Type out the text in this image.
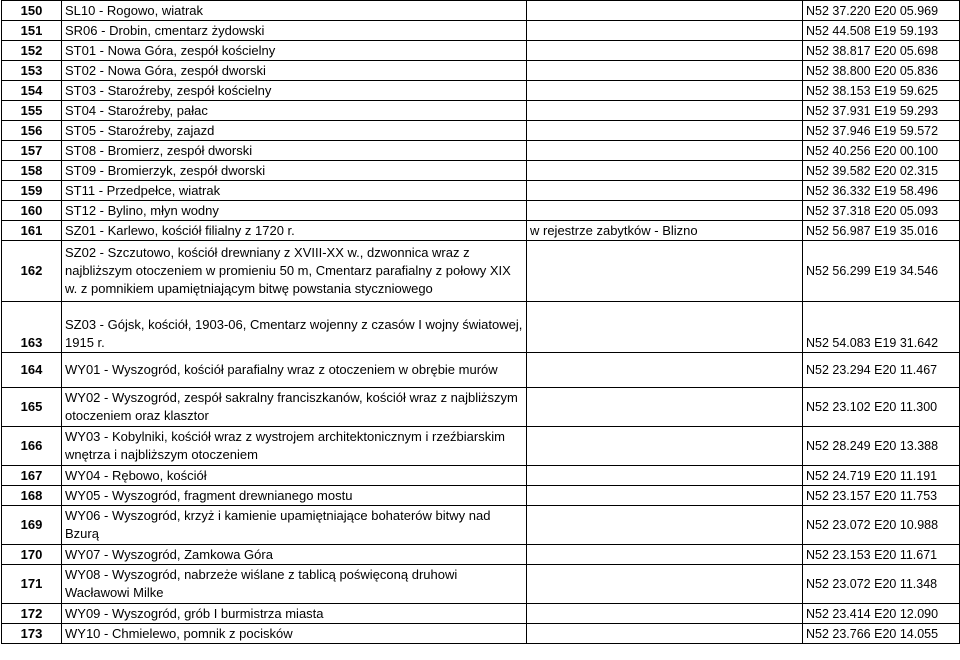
150	SL10 - Rogowo, wiatrak		N52 37.220 E20 05.969
151	SR06 - Drobin, cmentarz żydowski		N52 44.508 E19 59.193
152	ST01 - Nowa Góra, zespół kościelny		N52 38.817 E20 05.698
153	ST02 - Nowa Góra, zespół dworski		N52 38.800 E20 05.836
154	ST03 - Staroźreby, zespół kościelny		N52 38.153 E19 59.625
155	ST04 - Staroźreby, pałac		N52 37.931 E19 59.293
156	ST05 - Staroźreby, zajazd		N52 37.946 E19 59.572
157	ST08 - Bromierz, zespół dworski		N52 40.256 E20 00.100
158	ST09 - Bromierzyk, zespół dworski		N52 39.582 E20 02.315
159	ST11 - Przedpełce, wiatrak		N52 36.332 E19 58.496
160	ST12 - Bylino, młyn wodny		N52 37.318 E20 05.093
161	SZ01 - Karlewo, kościół filialny z 1720 r.	w rejestrze zabytków - Blizno	N52 56.987 E19 35.016
162	SZ02 - Szczutowo, kościół drewniany z XVIII-XX w., dzwonnica wraz z najbliższym otoczeniem w promieniu 50 m, Cmentarz parafialny z połowy XIX w. z pomnikiem upamiętniającym bitwę powstania styczniowego		N52 56.299 E19 34.546
163	SZ03 - Gójsk, kościół, 1903-06, Cmentarz wojenny z czasów I wojny światowej, 1915 r.		N52 54.083 E19 31.642
164	WY01 - Wyszogród, kościół parafialny wraz z otoczeniem w obrębie murów		N52 23.294 E20 11.467
165	WY02 - Wyszogród, zespół sakralny franciszkanów, kościół wraz z najbliższym otoczeniem oraz klasztor		N52 23.102 E20 11.300
166	WY03 - Kobylniki, kościół wraz z wystrojem architektonicznym i rzeźbiarskim wnętrza i najbliższym otoczeniem		N52 28.249 E20 13.388
167	WY04 - Rębowo, kościół		N52 24.719 E20 11.191
168	WY05 - Wyszogród, fragment drewnianego mostu		N52 23.157 E20 11.753
169	WY06 - Wyszogród, krzyż i kamienie upamiętniające bohaterów bitwy nad Bzurą		N52 23.072 E20 10.988
170	WY07 - Wyszogród, Zamkowa Góra		N52 23.153 E20 11.671
171	WY08 - Wyszogród, nabrzeże wiślane z tablicą poświęconą druhowi Wacławowi Milke		N52 23.072 E20 11.348
172	WY09 - Wyszogród, grób I burmistrza miasta		N52 23.414 E20 12.090
173	WY10 - Chmielewo, pomnik z pocisków		N52 23.766 E20 14.055
